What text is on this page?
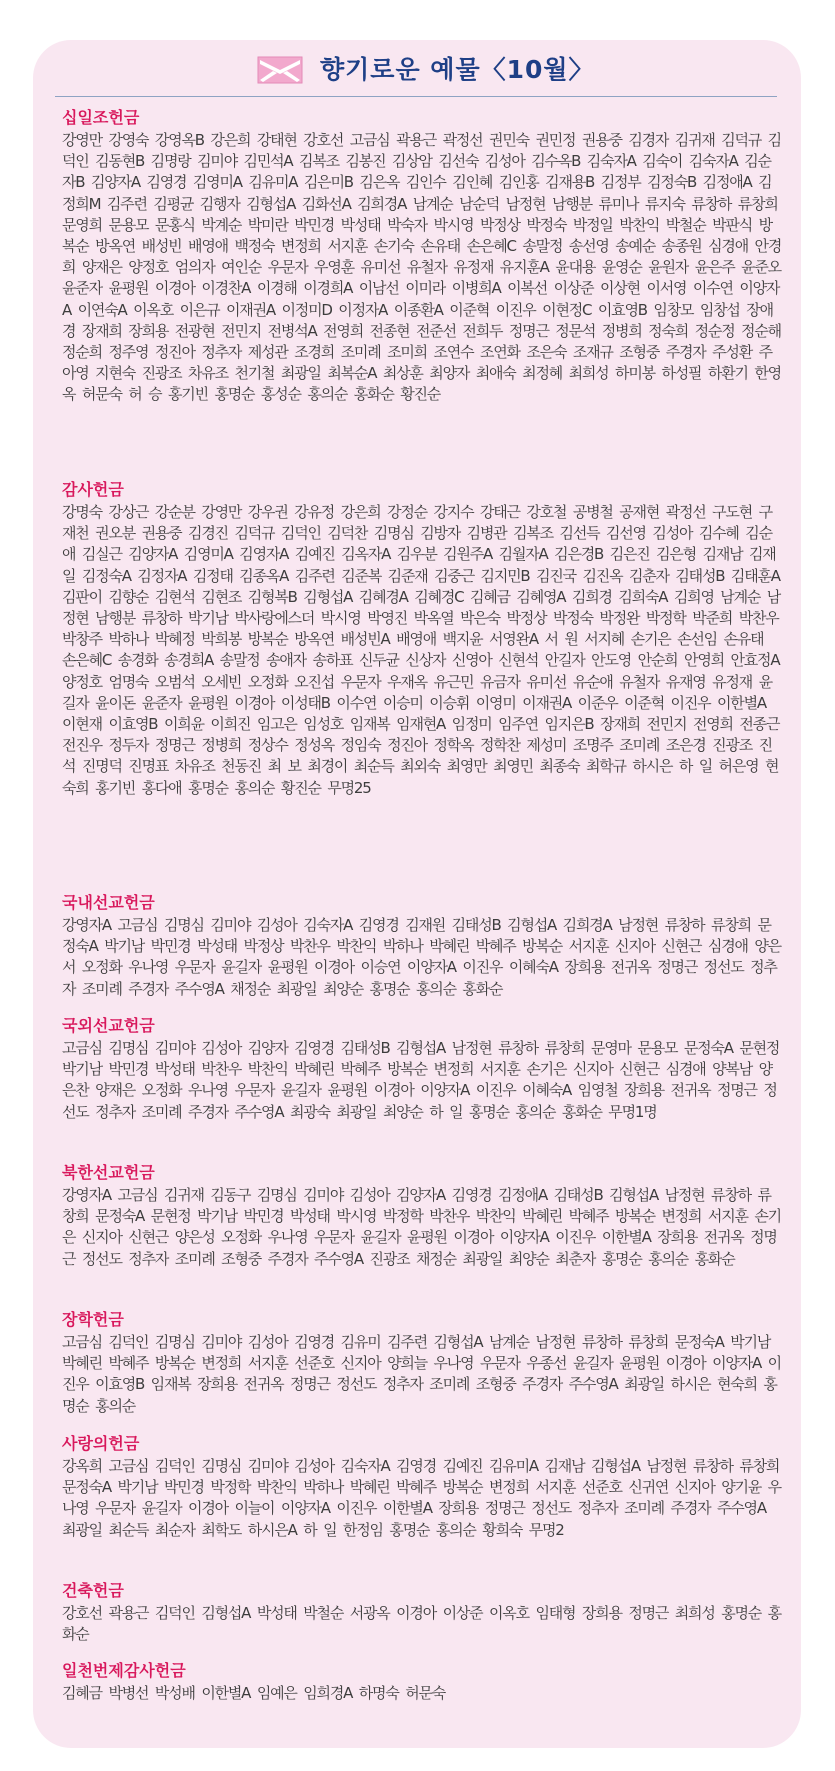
향기로운 예물〈10월〉
십일조헌금
강영만 강영숙 강영옥B 강은희 강태현 강호선 고금심 곽용근 곽정선 권민숙 권민정 권용중 김경자 김귀재 김덕규 김덕인 김동현B 김명랑 김미야 김민석A 김복조 김봉진 김상암 김선숙 김성아 김수옥B 김숙자A 김숙이 김숙자A 김순자B 김양자A 김영경 김영미A 김유미A 김은미B 김은옥 김인수 김인혜 김인홍 김재용B 김정부 김정숙B 김정애A 김정희M 김주련 김평균 김행자 김형섭A 김화선A 김희경A 남계순 남순덕 남정현 남행분 류미나 류지숙 류창하 류창희 문영희 문용모 문홍식 박계순 박미란 박민경 박성태 박숙자 박시영 박정상 박정숙 박정일 박찬익 박철순 박판식 방복순 방옥연 배성빈 배영애 백정숙 변정희 서지훈 손기숙 손유태 손은혜C 송말정 송선영 송예순 송종원 심경애 안경희 양재은 양정호 엄의자 여인순 우문자 우영훈 유미선 유철자 유정재 유지훈A 윤대용 윤영순 윤원자 윤은주 윤준오 윤준자 윤평원 이경아 이경찬A 이경해 이경희A 이남선 이미라 이병희A 이복선 이상준 이상현 이서영 이수연 이양자A 이연숙A 이옥호 이은규 이재권A 이정미D 이정자A 이종환A 이준혁 이진우 이현정C 이효영B 임창모 임창섭 장애경 장재희 장희용 전광현 전민지 전병석A 전영희 전종현 전준선 전희두 정명근 정문석 정병희 정숙희 정순정 정순해 정순희 정주영 정진아 정추자 제성관 조경희 조미례 조미희 조연수 조연화 조은숙 조재규 조형중 주경자 주성환 주아영 지현숙 진광조 차유조 천기철 최광일 최복순A 최상훈 최양자 최애숙 최정혜 최희성 하미봉 하성필 하환기 한영옥 허문숙 허 승 홍기빈 홍명순 홍성순 홍의순 홍화순 황진순
감사헌금
강명숙 강상근 강순분 강영만 강우권 강유정 강은희 강정순 강지수 강태근 강호철 공병철 공재현 곽정선 구도현 구재천 권오분 권용중 김경진 김덕규 김덕인 김덕찬 김명심 김방자 김병관 김복조 김선득 김선영 김성아 김수혜 김순애 김실근 김양자A 김영미A 김영자A 김예진 김옥자A 김우분 김원주A 김월자A 김은경B 김은진 김은형 김재남 김재일 김정숙A 김정자A 김정태 김종옥A 김주련 김준복 김준재 김중근 김지민B 김진국 김진옥 김춘자 김태성B 김태훈A 김판이 김향순 김현석 김현조 김형복B 김형섭A 김혜경A 김혜경C 김혜금 김혜영A 김희경 김희숙A 김희영 남계순 남정현 남행분 류창하 박기남 박사랑에스더 박시영 박영진 박옥열 박은숙 박정상 박정숙 박정완 박정학 박준희 박찬우 박창주 박하나 박혜정 박희봉 방복순 방옥연 배성빈A 배영애 백지윤 서영완A 서 원 서지혜 손기은 손선임 손유태 손은혜C 송경화 송경희A 송말정 송애자 송하표 신두균 신상자 신영아 신현석 안길자 안도영 안순희 안영희 안효정A 양정호 엄명숙 오범석 오세빈 오정화 오진섭 우문자 우재옥 유근민 유금자 유미선 유순애 유철자 유재영 유정재 윤길자 윤이돈 윤준자 윤평원 이경아 이성태B 이수연 이승미 이승휘 이영미 이재권A 이준우 이준혁 이진우 이한별A 이현재 이효영B 이희윤 이희진 임고은 임성호 임재복 임재현A 임정미 임주연 임지은B 장재희 전민지 전영희 전종근 전진우 정두자 정명근 정병희 정상수 정성옥 정임숙 정진아 정학옥 정학찬 제성미 조명주 조미례 조은경 진광조 진 석 진명덕 진명표 차유조 천동진 최 보 최경이 최순득 최외숙 최영만 최영민 최종숙 최학규 하시은 하 일 허은영 현숙희 홍기빈 홍다애 홍명순 홍의순 황진순 무명25
국내선교헌금
강영자A 고금심 김명심 김미야 김성아 김숙자A 김영경 김재원 김태성B 김형섭A 김희경A 남정현 류창하 류창희 문정숙A 박기남 박민경 박성태 박정상 박찬우 박찬익 박하나 박혜린 박혜주 방복순 서지훈 신지아 신현근 심경애 양은서 오정화 우나영 우문자 윤길자 윤평원 이경아 이승연 이양자A 이진우 이혜숙A 장희용 전귀옥 정명근 정선도 정추자 조미례 주경자 주수영A 채정순 최광일 최양순 홍명순 홍의순 홍화순
국외선교헌금
고금심 김명심 김미야 김성아 김양자 김영경 김태성B 김형섭A 남정현 류창하 류창희 문영마 문용모 문정숙A 문현정 박기남 박민경 박성태 박찬우 박찬익 박혜린 박혜주 방복순 변정희 서지훈 손기은 신지아 신현근 심경애 양복남 양은찬 양재은 오정화 우나영 우문자 윤길자 윤평원 이경아 이양자A 이진우 이혜숙A 임영철 장희용 전귀옥 정명근 정선도 정추자 조미례 주경자 주수영A 최광숙 최광일 최양순 하 일 홍명순 홍의순 홍화순 무명1명
북한선교헌금
강영자A 고금심 김귀재 김동구 김명심 김미야 김성아 김양자A 김영경 김정애A 김태성B 김형섭A 남정현 류창하 류창희 문정숙A 문현정 박기남 박민경 박성태 박시영 박정학 박찬우 박찬익 박혜린 박혜주 방복순 변정희 서지훈 손기은 신지아 신현근 양은성 오정화 우나영 우문자 윤길자 윤평원 이경아 이양자A 이진우 이한별A 장희용 전귀옥 정명근 정선도 정추자 조미례 조형중 주경자 주수영A 진광조 채정순 최광일 최양순 최춘자 홍명순 홍의순 홍화순
장학헌금
고금심 김덕인 김명심 김미야 김성아 김영경 김유미 김주련 김형섭A 남계순 남정현 류창하 류창희 문정숙A 박기남 박혜린 박혜주 방복순 변정희 서지훈 선준호 신지아 양희늘 우나영 우문자 우종선 윤길자 윤평원 이경아 이양자A 이진우 이효영B 임재복 장희용 전귀옥 정명근 정선도 정추자 조미례 조형중 주경자 주수영A 최광일 하시은 현숙희 홍명순 홍의순
사랑의헌금
강옥희 고금심 김덕인 김명심 김미야 김성아 김숙자A 김영경 김예진 김유미A 김재남 김형섭A 남정현 류창하 류창희 문정숙A 박기남 박민경 박정학 박찬익 박하나 박혜린 박혜주 방복순 변정희 서지훈 선준호 신귀연 신지아 양기윤 우나영 우문자 윤길자 이경아 이늘이 이양자A 이진우 이한별A 장희용 정명근 정선도 정추자 조미례 주경자 주수영A 최광일 최순득 최순자 최학도 하시은A 하 일 한정임 홍명순 홍의순 황희숙 무명2
건축헌금
강호선 곽용근 김덕인 김형섭A 박성태 박철순 서광옥 이경아 이상준 이옥호 임태형 장희용 정명근 최희성 홍명순 홍화순
일천번제감사헌금
김혜금 박병선 박성배 이한별A 임예은 임희경A 하명숙 허문숙
